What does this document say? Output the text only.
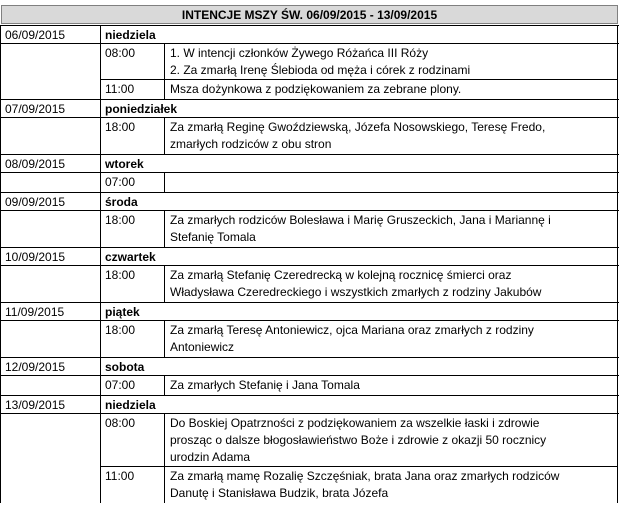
INTENCJE MSZY ŚW. 06/09/2015 - 13/09/2015
06/09/2015	niedziela
08:00	1. W intencji członków Żywego Różańca III Róży
2. Za zmarłą Irenę Ślebioda od męża i córek z rodzinami
11:00	Msza dożynkowa z podziękowaniem za zebrane plony.
07/09/2015	poniedziałek
18:00	Za zmarłą Reginę Gwoździewską, Józefa Nosowskiego, Teresę Fredo,
zmarłych rodziców z obu stron
08/09/2015	wtorek
07:00
09/09/2015	środa
18:00	Za zmarłych rodziców Bolesława i Marię Gruszeckich, Jana i Mariannę i
Stefanię Tomala
10/09/2015	czwartek
18:00	Za zmarłą Stefanię Czeredrecką w kolejną rocznicę śmierci oraz
Władysława Czeredreckiego i wszystkich zmarłych z rodziny Jakubów
11/09/2015	piątek
18:00	Za zmarłą Teresę Antoniewicz, ojca Mariana oraz zmarłych z rodziny
Antoniewicz
12/09/2015	sobota
07:00	Za zmarłych Stefanię i Jana Tomala
13/09/2015	niedziela
08:00	Do Boskiej Opatrzności z podziękowaniem za wszelkie łaski i zdrowie
prosząc o dalsze błogosławieństwo Boże i zdrowie z okazji 50 rocznicy
urodzin Adama
11:00	Za zmarłą mamę Rozalię Szczęśniak, brata Jana oraz zmarłych rodziców
Danutę i Stanisława Budzik, brata Józefa
